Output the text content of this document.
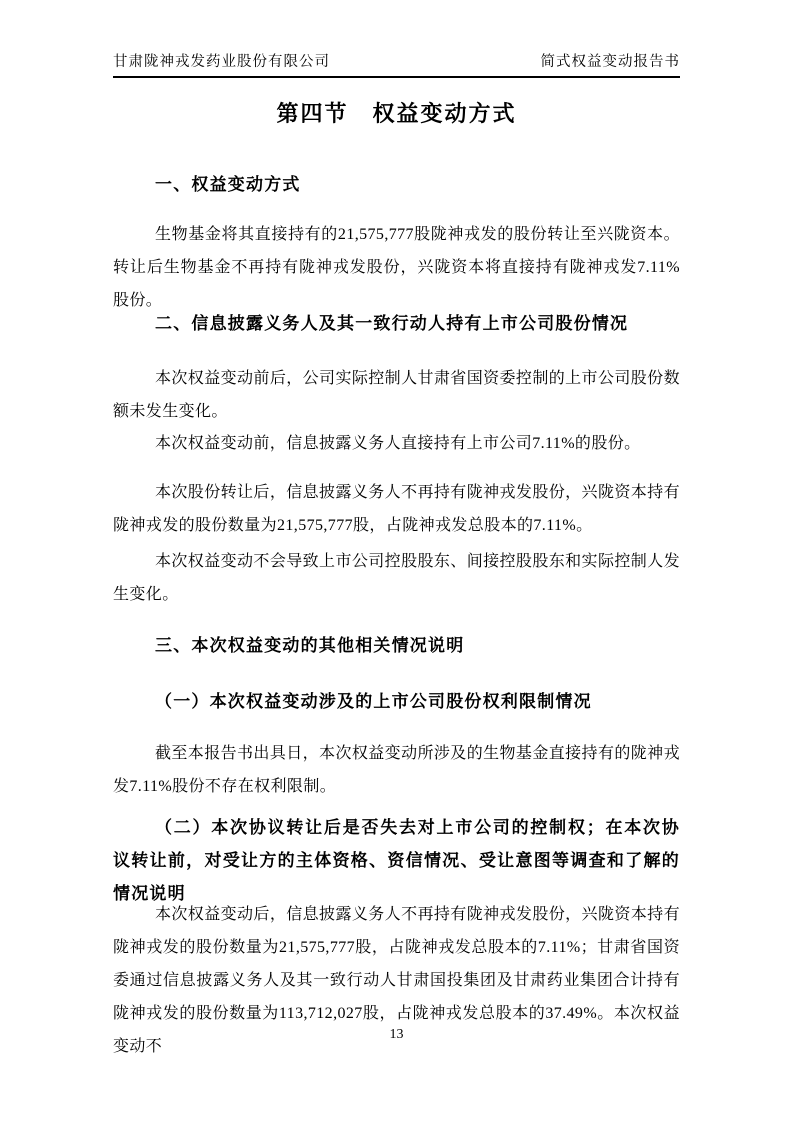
甘肃陇神戎发药业股份有限公司	简式权益变动报告书
第四节　权益变动方式
一、权益变动方式
生物基金将其直接持有的21,575,777股陇神戎发的股份转让至兴陇资本。转让后生物基金不再持有陇神戎发股份，兴陇资本将直接持有陇神戎发7.11%股份。
二、信息披露义务人及其一致行动人持有上市公司股份情况
本次权益变动前后，公司实际控制人甘肃省国资委控制的上市公司股份数额未发生变化。
本次权益变动前，信息披露义务人直接持有上市公司7.11%的股份。
本次股份转让后，信息披露义务人不再持有陇神戎发股份，兴陇资本持有陇神戎发的股份数量为21,575,777股，占陇神戎发总股本的7.11%。
本次权益变动不会导致上市公司控股股东、间接控股股东和实际控制人发生变化。
三、本次权益变动的其他相关情况说明
（一）本次权益变动涉及的上市公司股份权利限制情况
截至本报告书出具日，本次权益变动所涉及的生物基金直接持有的陇神戎发7.11%股份不存在权利限制。
（二）本次协议转让后是否失去对上市公司的控制权；在本次协议转让前，对受让方的主体资格、资信情况、受让意图等调查和了解的情况说明
本次权益变动后，信息披露义务人不再持有陇神戎发股份，兴陇资本持有陇神戎发的股份数量为21,575,777股，占陇神戎发总股本的7.11%；甘肃省国资委通过信息披露义务人及其一致行动人甘肃国投集团及甘肃药业集团合计持有陇神戎发的股份数量为113,712,027股，占陇神戎发总股本的37.49%。本次权益变动不
13
